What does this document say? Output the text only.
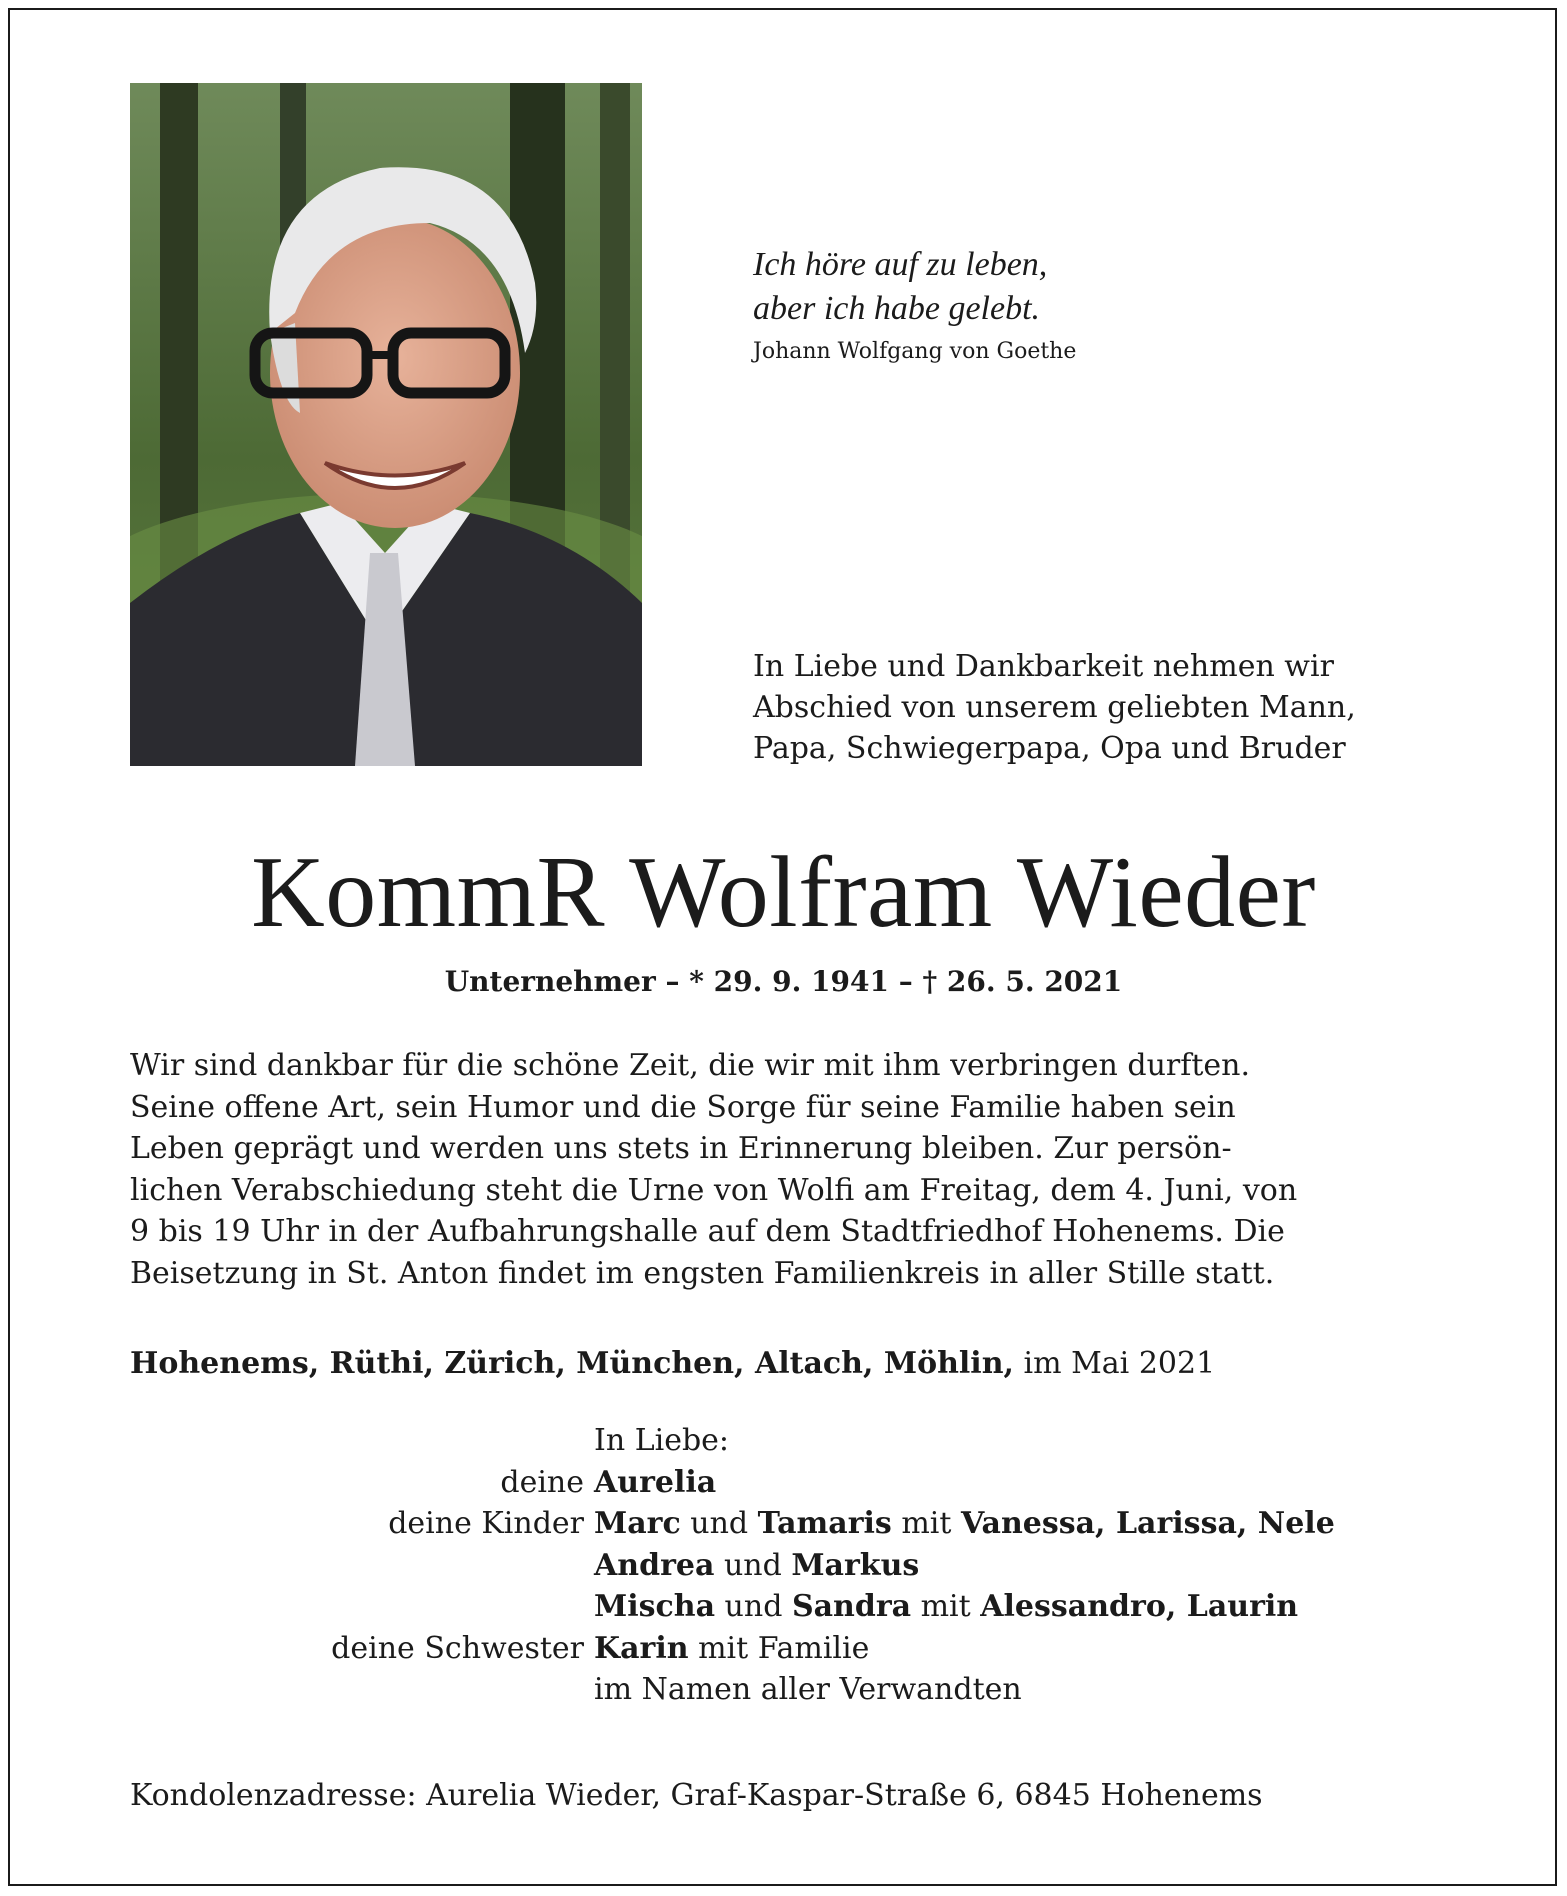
Ich höre auf zu leben,
aber ich habe gelebt.
Johann Wolfgang von Goethe
In Liebe und Dankbarkeit nehmen wir
Abschied von unserem geliebten Mann,
Papa, Schwiegerpapa, Opa und Bruder
KommR Wolfram Wieder
Unternehmer – * 29. 9. 1941 – † 26. 5. 2021
Wir sind dankbar für die schöne Zeit, die wir mit ihm verbringen durften.
Seine offene Art, sein Humor und die Sorge für seine Familie haben sein
Leben geprägt und werden uns stets in Erinnerung bleiben. Zur persön-
lichen Verabschiedung steht die Urne von Wolfi am Freitag, dem 4. Juni, von
9 bis 19 Uhr in der Aufbahrungshalle auf dem Stadtfriedhof Hohenems. Die
Beisetzung in St. Anton findet im engsten Familienkreis in aller Stille statt.
Hohenems, Rüthi, Zürich, München, Altach, Möhlin, im Mai 2021
In Liebe:
deine Aurelia
deine Kinder Marc und Tamaris mit Vanessa, Larissa, Nele
Andrea und Markus
Mischa und Sandra mit Alessandro, Laurin
deine Schwester Karin mit Familie
im Namen aller Verwandten
Kondolenzadresse: Aurelia Wieder, Graf-Kaspar-Straße 6, 6845 Hohenems
